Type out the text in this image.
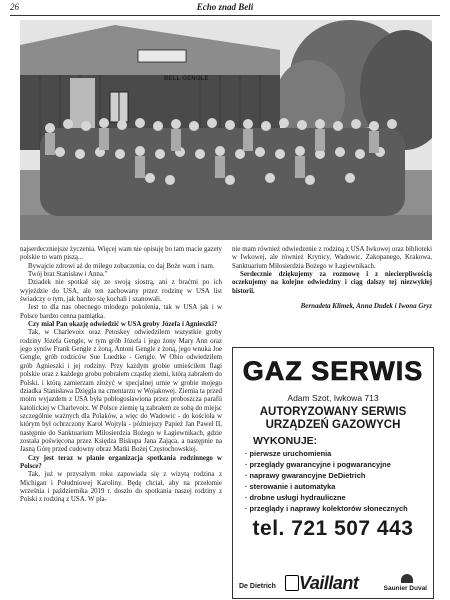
26	Echo znad Beli
BELL GENGLE

najserdeczniejsze życzenia. Więcej wam nie opisuję bo tam macie gazety polskie to wam piszą...

Bywajcie zdrowi aż do miłego zobaczenia, co daj Boże wam i nam.

Twój brat Stanisław i Anna."

Dziadek nie spotkał się ze swoją siostrą, ani z braćmi po ich wyjeździe do USA, ale ten zachowany przez rodzinę w USA list świadczy o tym, jak bardzo się kochali i szanowali.

Jest to dla nas obecnego młodego pokolenia, tak w USA jak i w Polsce bardzo cenna pamiątka.

Czy miał Pan okazję odwiedzić w USA groby Józefa i Agnieszki?

Tak, w Charlevoix oraz Petoskey odwiedziłem wszystkie groby rodziny Józefa Gengle, w tym grób Józefa i jego żony Mary Ann oraz jego synów Frank Gengle z żoną, Antoni Gengle z żoną, jego wnuka Joe Gengle, grób rodziców Sue Luedtke - Gengle. W Ohio odwiedziłem grób Agnieszki i jej rodziny. Przy każdym grobie umieściłem flagi polskie oraz z każdego grobu pobrałem cząstkę ziemi, którą zabrałem do Polski, i którą zamierzam złożyć w specjalnej urnie w grobie mojego dziadka Stanisława Dzięgla na cmentarzu w Wojakowej. Ziemia ta przed moim wyjazdem z USA była pobłogosławiona przez proboszcza parafii katolickiej w Charlevoix. W Polsce ziemię tą zabrałem ze sobą do miejsc szczególnie ważnych dla Polaków, a więc do Wadowic - do kościoła w którym był ochrzczony Karol Wojtyła - późniejszy Papież Jan Paweł II, następnie do Sanktuarium Miłosierdzia Bożego w Łagiewnikach, gdzie została poświęcona przez Księdza Biskupa Jana Zająca, a następnie na Jasną Górę przed cudowny obraz Matki Bożej Częstochowskiej.

Czy jest teraz w planie organizacja spotkania rodzinnego w Polsce?

Tak, już w przyszłym roku zapowiada się z wizytą rodzina z Michigan i Południowej Karoliny. Będę chciał, aby na przełomie września i października 2019 r. doszło do spotkania naszej rodziny z Polski z rodziną z USA. W pla-

nie mam również odwiedzenie z rodziną z USA Iwkowej oraz biblioteki w Iwkowej, ale również Krynicy, Wadowic, Zakopanego, Krakowa, Sanktuarium Miłosierdzia Bożego w Łagiewnikach.

Serdecznie dziękujemy za rozmowę i z niecierpliwością oczekujemy na kolejne odwiedziny i ciąg dalszy tej niezwykłej historii.

Bernadeta Klimek, Anna Dudek i Iwona Gryz
GAZ SERWIS
Adam Szot, Iwkowa 713
AUTORYZOWANY SERWIS
URZĄDZEŃ GAZOWYCH
WYKONUJE:
· pierwsze uruchomienia
· przeglądy gwarancyjne i pogwarancyjne
· naprawy gwarancyjne DeDietrich
· sterowanie i automatyka
· drobne usługi hydrauliczne
· przeglądy i naprawy kolektorów słonecznych
tel. 721 507 443
De Dietrich Vaillant	Saunier Duval
